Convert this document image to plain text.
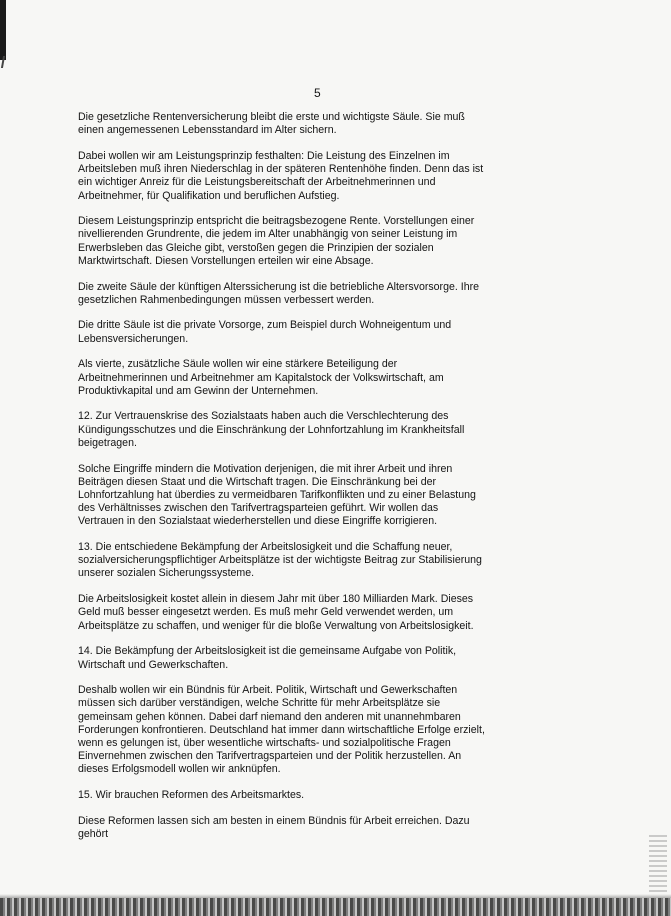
5

Die gesetzliche Rentenversicherung bleibt die erste und wichtigste Säule. Sie muß
einen angemessenen Lebensstandard im Alter sichern.

Dabei wollen wir am Leistungsprinzip festhalten: Die Leistung des Einzelnen im
Arbeitsleben muß ihren Niederschlag in der späteren Rentenhöhe finden. Denn das ist
ein wichtiger Anreiz für die Leistungsbereitschaft der Arbeitnehmerinnen und
Arbeitnehmer, für Qualifikation und beruflichen Aufstieg.

Diesem Leistungsprinzip entspricht die beitragsbezogene Rente. Vorstellungen einer
nivellierenden Grundrente, die jedem im Alter unabhängig von seiner Leistung im
Erwerbsleben das Gleiche gibt, verstoßen gegen die Prinzipien der sozialen
Marktwirtschaft. Diesen Vorstellungen erteilen wir eine Absage.

Die zweite Säule der künftigen Alterssicherung ist die betriebliche Altersvorsorge. Ihre
gesetzlichen Rahmenbedingungen müssen verbessert werden.

Die dritte Säule ist die private Vorsorge, zum Beispiel durch Wohneigentum und
Lebensversicherungen.

Als vierte, zusätzliche Säule wollen wir eine stärkere Beteiligung der
Arbeitnehmerinnen und Arbeitnehmer am Kapitalstock der Volkswirtschaft, am
Produktivkapital und am Gewinn der Unternehmen.

12. Zur Vertrauenskrise des Sozialstaats haben auch die Verschlechterung des
Kündigungsschutzes und die Einschränkung der Lohnfortzahlung im Krankheitsfall
beigetragen.

Solche Eingriffe mindern die Motivation derjenigen, die mit ihrer Arbeit und ihren
Beiträgen diesen Staat und die Wirtschaft tragen. Die Einschränkung bei der
Lohnfortzahlung hat überdies zu vermeidbaren Tarifkonflikten und zu einer Belastung
des Verhältnisses zwischen den Tarifvertragsparteien geführt. Wir wollen das
Vertrauen in den Sozialstaat wiederherstellen und diese Eingriffe korrigieren.

13. Die entschiedene Bekämpfung der Arbeitslosigkeit und die Schaffung neuer,
sozialversicherungspflichtiger Arbeitsplätze ist der wichtigste Beitrag zur Stabilisierung
unserer sozialen Sicherungssysteme.

Die Arbeitslosigkeit kostet allein in diesem Jahr mit über 180 Milliarden Mark. Dieses
Geld muß besser eingesetzt werden. Es muß mehr Geld verwendet werden, um
Arbeitsplätze zu schaffen, und weniger für die bloße Verwaltung von Arbeitslosigkeit.

14. Die Bekämpfung der Arbeitslosigkeit ist die gemeinsame Aufgabe von Politik,
Wirtschaft und Gewerkschaften.

Deshalb wollen wir ein Bündnis für Arbeit. Politik, Wirtschaft und Gewerkschaften
müssen sich darüber verständigen, welche Schritte für mehr Arbeitsplätze sie
gemeinsam gehen können. Dabei darf niemand den anderen mit unannehmbaren
Forderungen konfrontieren. Deutschland hat immer dann wirtschaftliche Erfolge erzielt,
wenn es gelungen ist, über wesentliche wirtschafts- und sozialpolitische Fragen
Einvernehmen zwischen den Tarifvertragsparteien und der Politik herzustellen. An
dieses Erfolgsmodell wollen wir anknüpfen.

15. Wir brauchen Reformen des Arbeitsmarktes.

Diese Reformen lassen sich am besten in einem Bündnis für Arbeit erreichen. Dazu
gehört
